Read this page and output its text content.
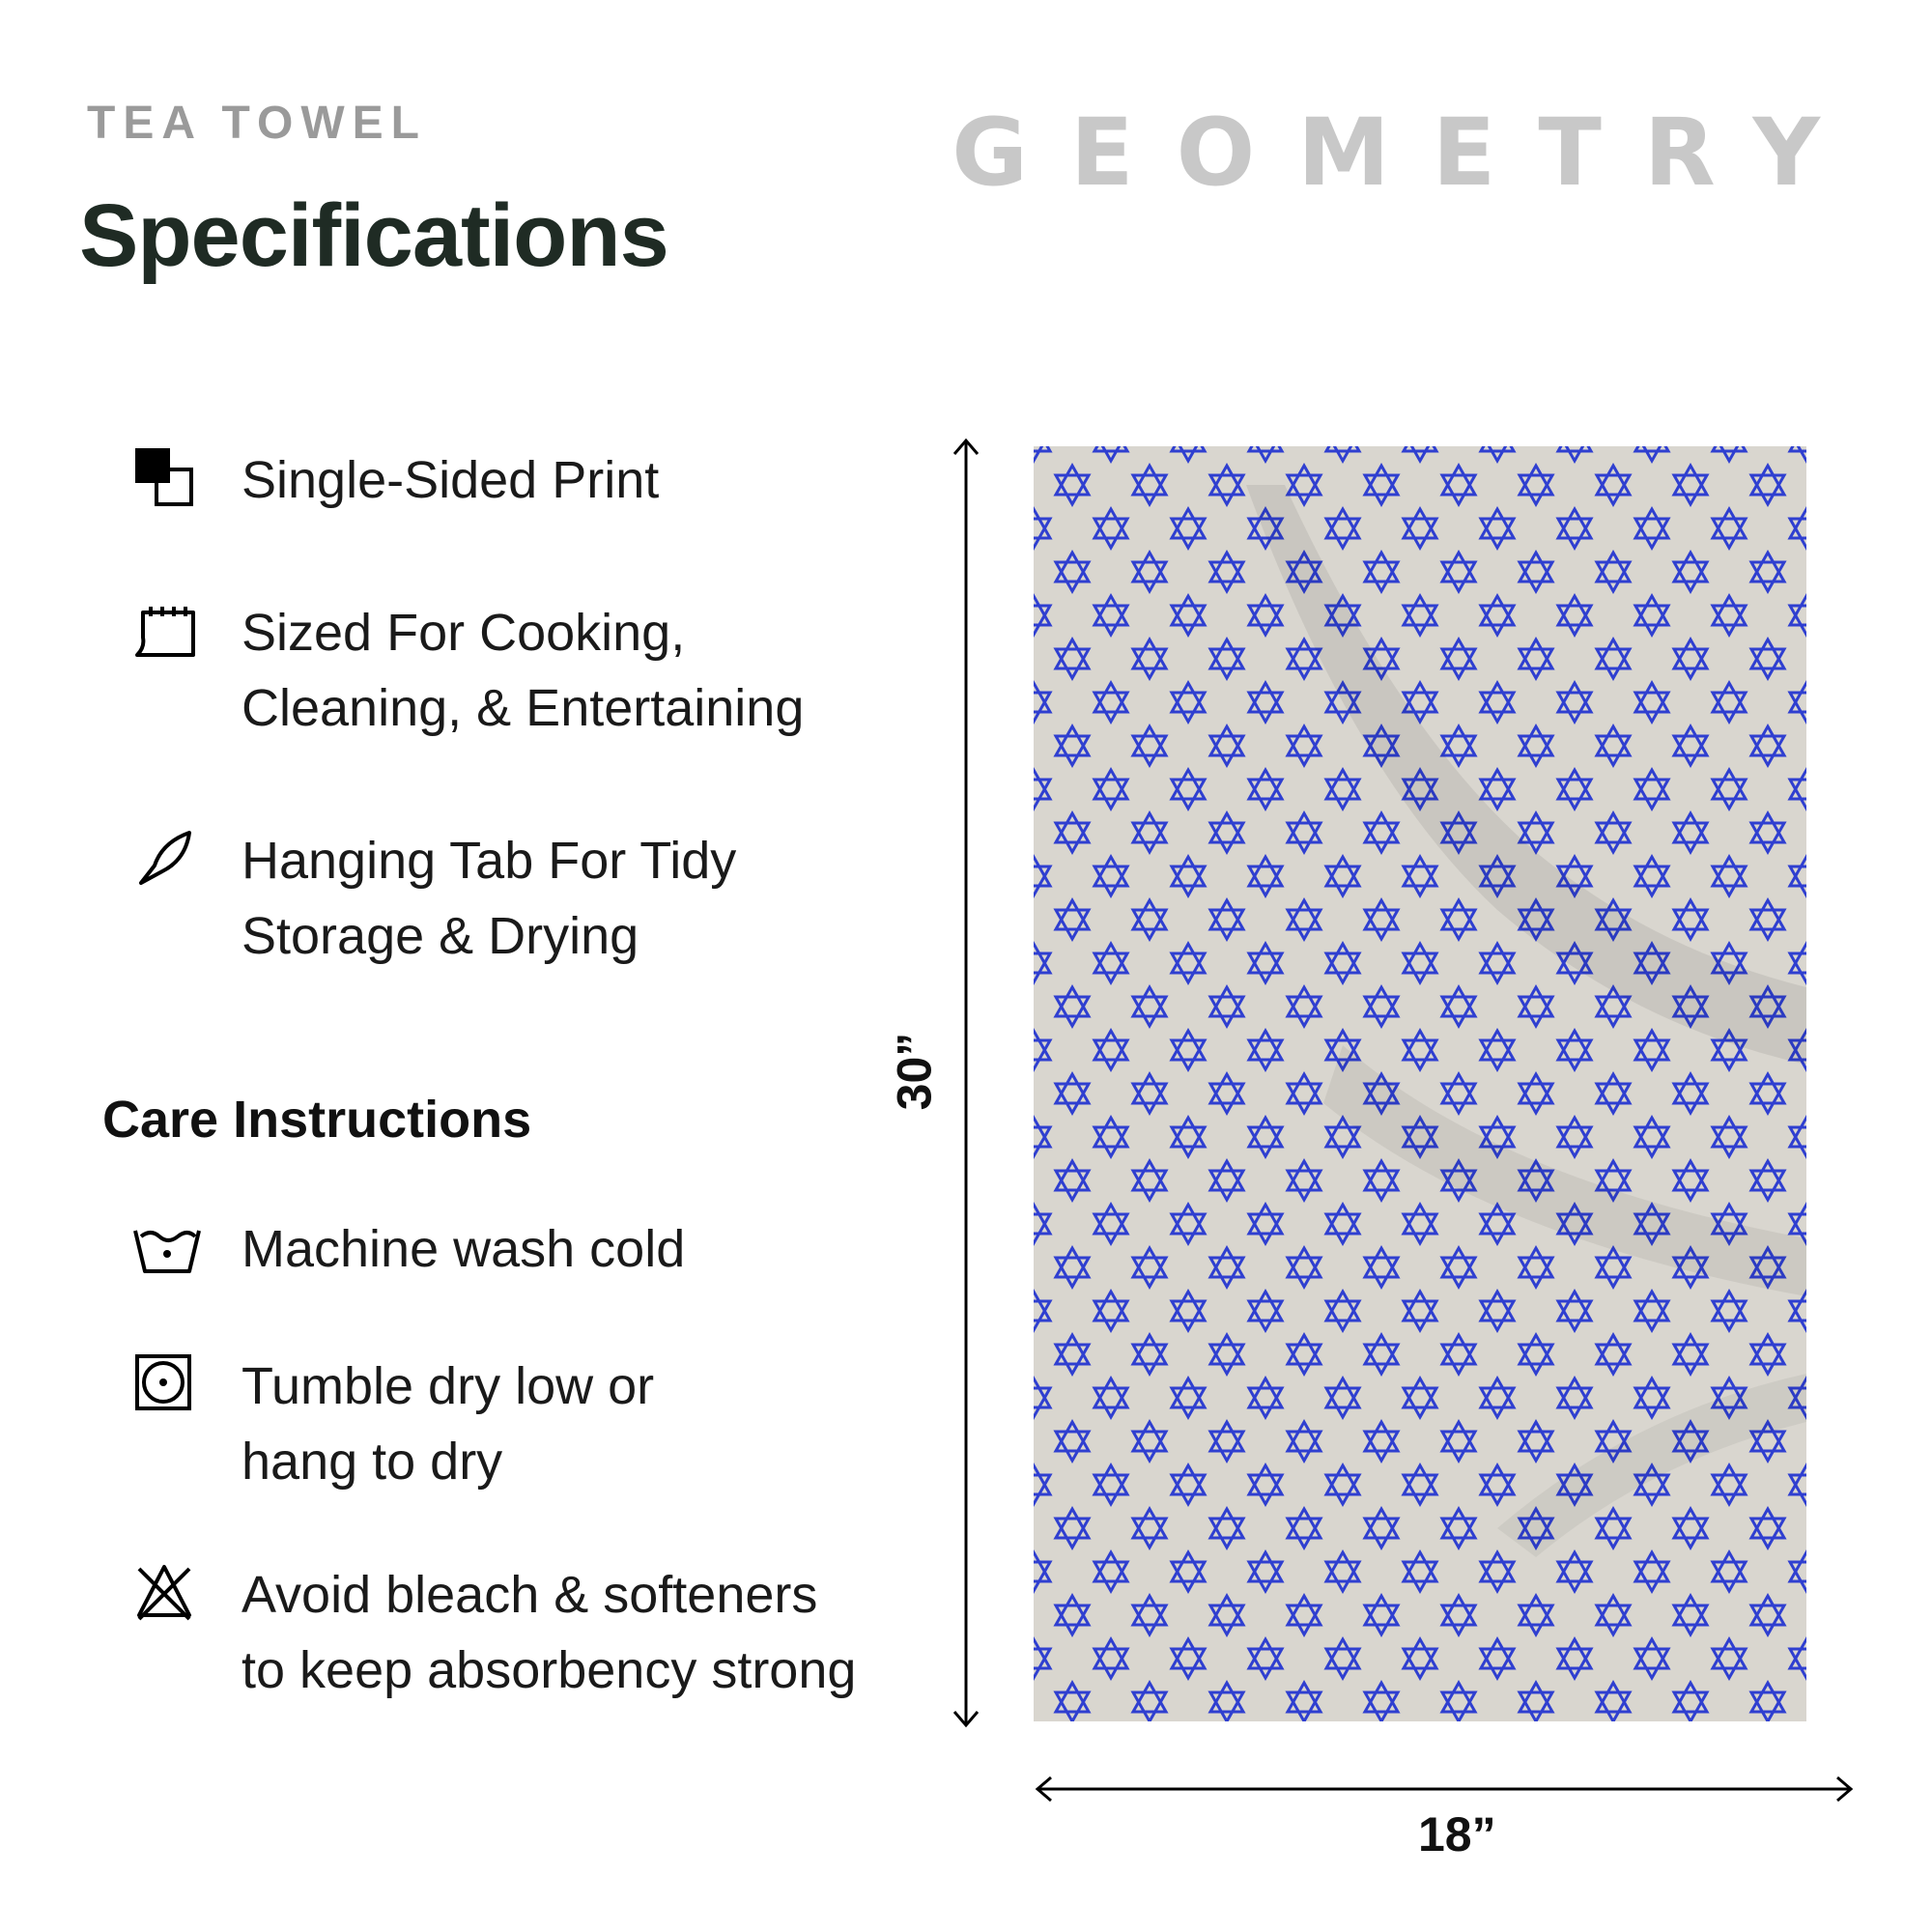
TEA TOWEL
Specifications
GEOMETRY
Single-Sided Print
Sized For Cooking,
Cleaning, & Entertaining
Hanging Tab For Tidy
Storage & Drying
Care Instructions
Machine wash cold
Tumble dry low or
hang to dry
Avoid bleach & softeners
to keep absorbency strong
30”
18”
